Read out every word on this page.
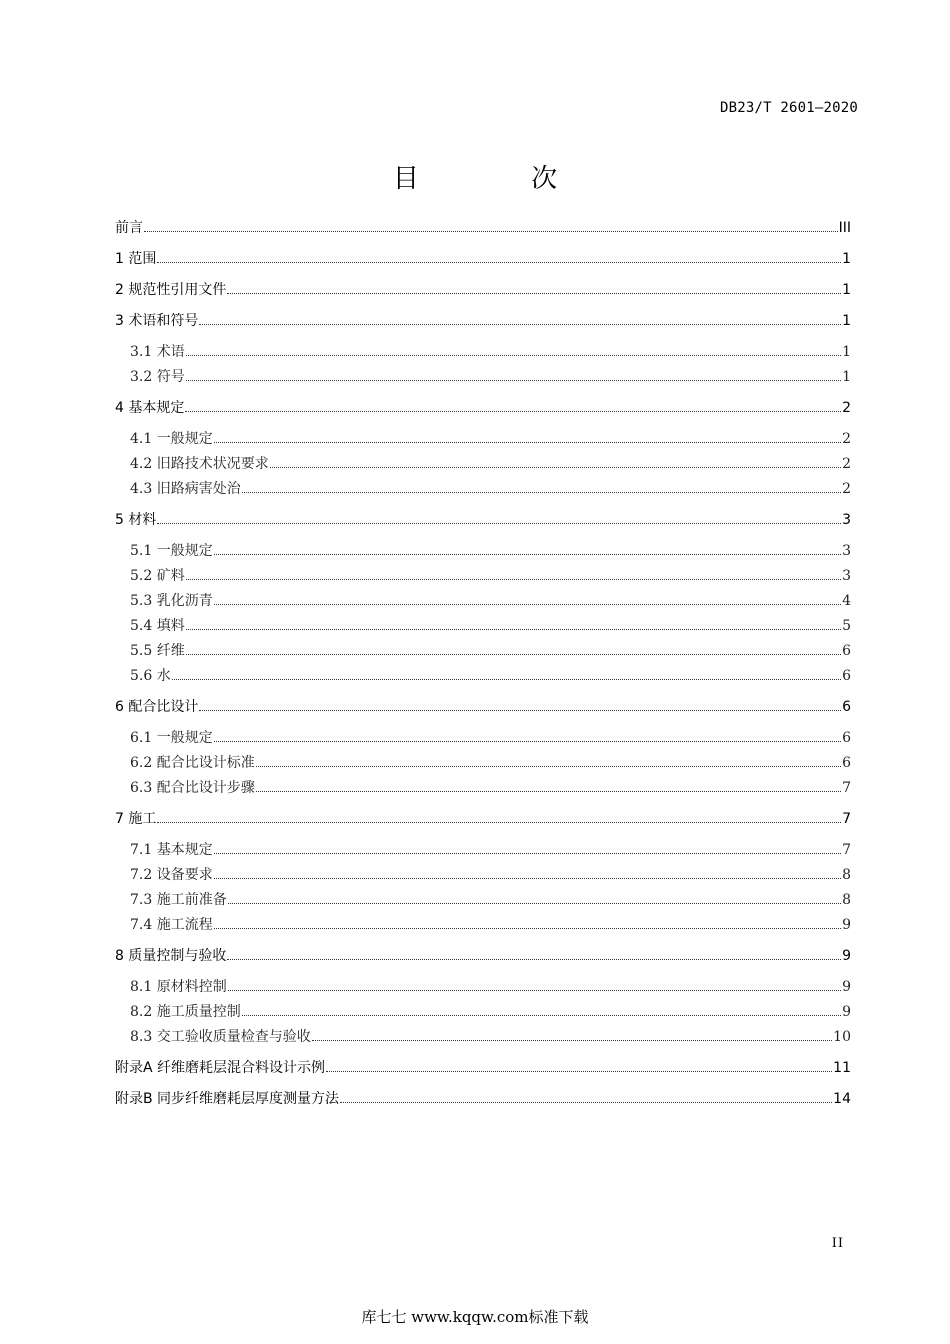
DB23/T 2601—2020
目 次
前言	III
1 范围	1
2 规范性引用文件	1
3 术语和符号	1
3.1 术语	1
3.2 符号	1
4 基本规定	2
4.1 一般规定	2
4.2 旧路技术状况要求	2
4.3 旧路病害处治	2
5 材料	3
5.1 一般规定	3
5.2 矿料	3
5.3 乳化沥青	4
5.4 填料	5
5.5 纤维	6
5.6 水	6
6 配合比设计	6
6.1 一般规定	6
6.2 配合比设计标准	6
6.3 配合比设计步骤	7
7 施工	7
7.1 基本规定	7
7.2 设备要求	8
7.3 施工前准备	8
7.4 施工流程	9
8 质量控制与验收	9
8.1 原材料控制	9
8.2 施工质量控制	9
8.3 交工验收质量检查与验收	10
附录A 纤维磨耗层混合料设计示例	11
附录B 同步纤维磨耗层厚度测量方法	14
II
库七七 www.kqqw.com标准下载
